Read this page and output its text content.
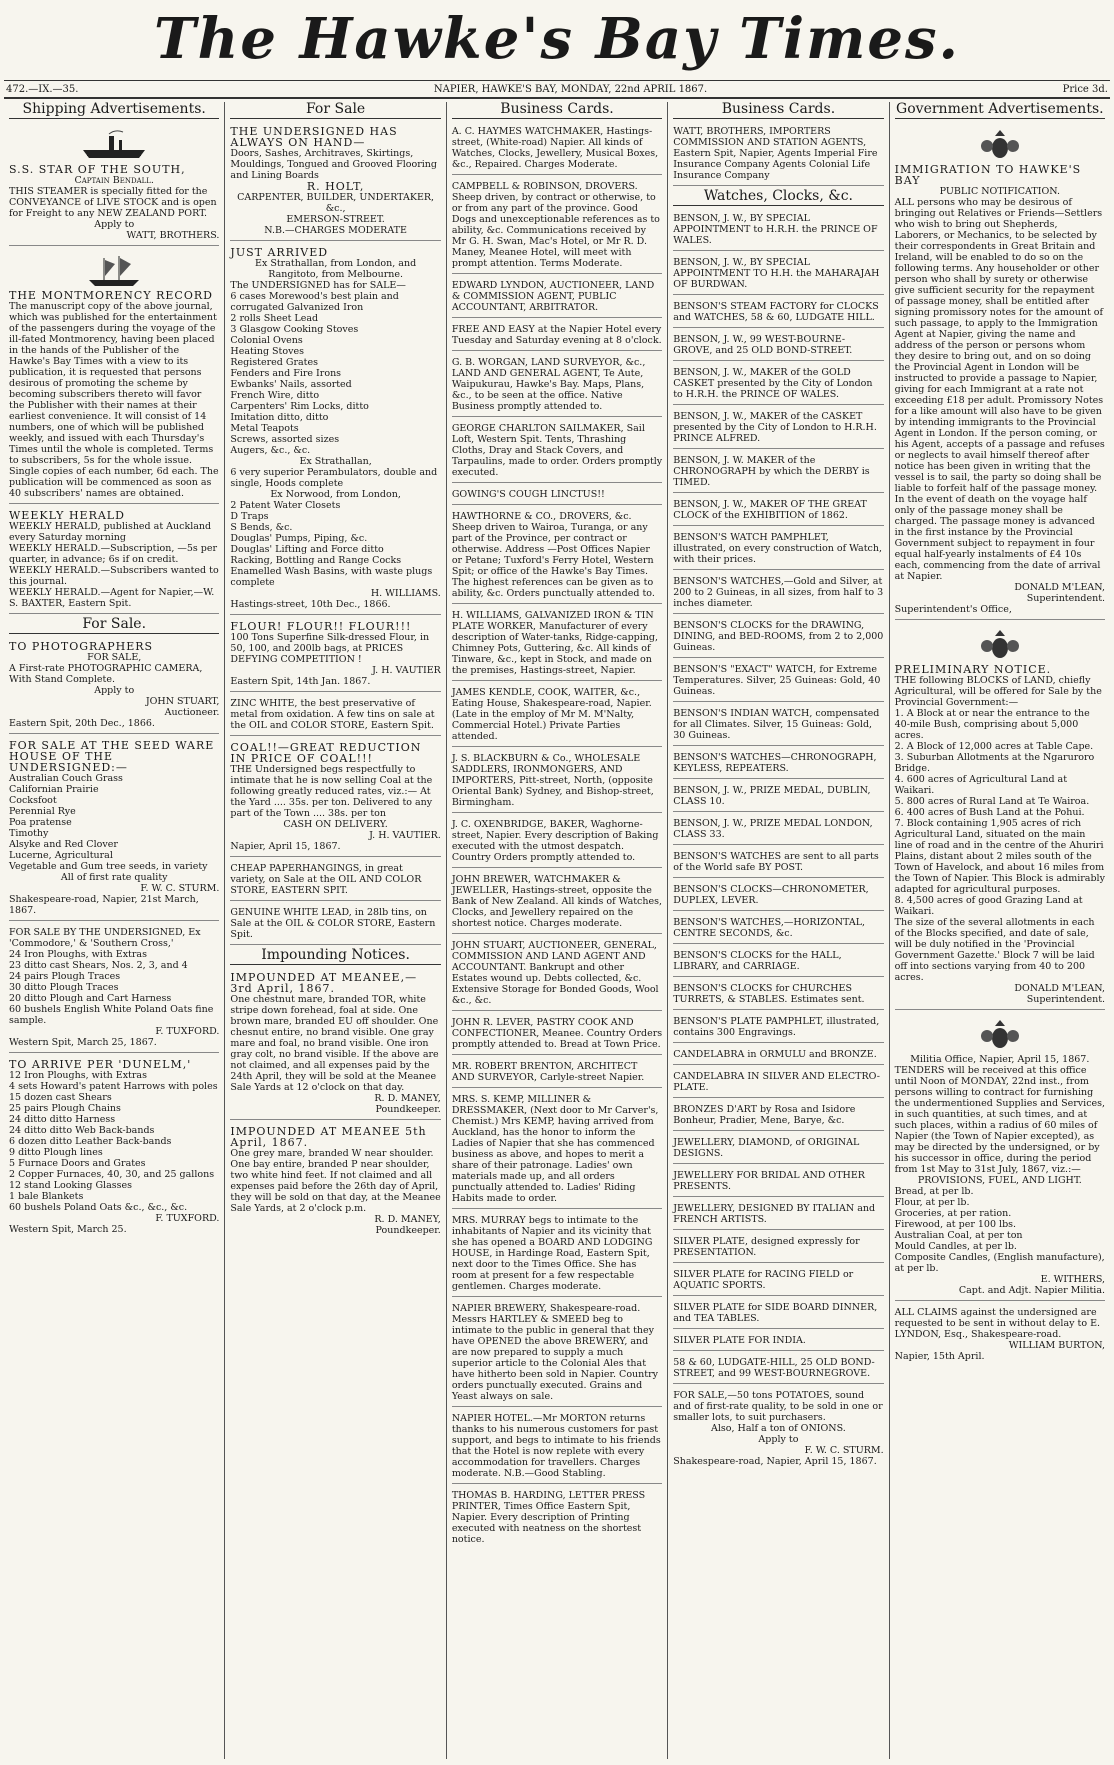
The Hawke's Bay Times.
472.—IX.—35.	NAPIER, HAWKE'S BAY, MONDAY, 22nd APRIL 1867.	Price 3d.
Shipping Advertisements.
S.S. STAR OF THE SOUTH,
Captain Bendall.
THIS STEAMER is specially fitted for the CONVEYANCE of LIVE STOCK and is open for Freight to any NEW ZEALAND PORT.
Apply to
WATT, BROTHERS.
THE MONTMORENCY RECORD
The manuscript copy of the above journal, which was published for the entertainment of the passengers during the voyage of the ill-fated Montmorency, having been placed in the hands of the Publisher of the Hawke's Bay Times with a view to its publication, it is requested that persons desirous of promoting the scheme by becoming subscribers thereto will favor the Publisher with their names at their earliest convenience. It will consist of 14 numbers, one of which will be published weekly, and issued with each Thursday's Times until the whole is completed. Terms to subscribers, 5s for the whole issue. Single copies of each number, 6d each. The publication will be commenced as soon as 40 subscribers' names are obtained.
WEEKLY HERALD
WEEKLY HERALD, published at Auckland every Saturday morning
WEEKLY HERALD.—Subscription, —5s per quarter, in advance; 6s if on credit.
WEEKLY HERALD.—Subscribers wanted to this journal.
WEEKLY HERALD.—Agent for Napier,—W. S. BAXTER, Eastern Spit.
For Sale.
TO PHOTOGRAPHERS
FOR SALE,
A First-rate PHOTOGRAPHIC CAMERA, With Stand Complete.
Apply to
JOHN STUART,
Auctioneer.
Eastern Spit, 20th Dec., 1866.
FOR SALE AT THE SEED WARE HOUSE OF THE UNDERSIGNED:—
Australian Couch Grass
Californian Prairie
Cocksfoot
Perennial Rye
Poa pratense
Timothy
Alsyke and Red Clover
Lucerne, Agricultural
Vegetable and Gum tree seeds, in variety
All of first rate quality
F. W. C. STURM.
Shakespeare-road, Napier, 21st March, 1867.
FOR SALE BY THE UNDERSIGNED, Ex 'Commodore,' & 'Southern Cross,'
24 Iron Ploughs, with Extras
23 ditto cast Shears, Nos. 2, 3, and 4
24 pairs Plough Traces
30 ditto Plough Traces
20 ditto Plough and Cart Harness
60 bushels English White Poland Oats fine sample.
F. TUXFORD.
Western Spit, March 25, 1867.
TO ARRIVE PER 'DUNELM,'
12 Iron Ploughs, with Extras
4 sets Howard's patent Harrows with poles
15 dozen cast Shears
25 pairs Plough Chains
24 ditto ditto Harness
24 ditto ditto Web Back-bands
6 dozen ditto Leather Back-bands
9 ditto Plough lines
5 Furnace Doors and Grates
2 Copper Furnaces, 40, 30, and 25 gallons
12 stand Looking Glasses
1 bale Blankets
60 bushels Poland Oats &c., &c., &c.
F. TUXFORD.
Western Spit, March 25.
For Sale
THE UNDERSIGNED HAS ALWAYS ON HAND—
Doors, Sashes, Architraves, Skirtings, Mouldings, Tongued and Grooved Flooring and Lining Boards
R. HOLT,
CARPENTER, BUILDER, UNDERTAKER, &c.,
EMERSON-STREET.
N.B.—CHARGES MODERATE
JUST ARRIVED
Ex Strathallan, from London, and Rangitoto, from Melbourne.
The UNDERSIGNED has for SALE—
6 cases Morewood's best plain and corrugated Galvanized Iron
2 rolls Sheet Lead
3 Glasgow Cooking Stoves
Colonial Ovens
Heating Stoves
Registered Grates
Fenders and Fire Irons
Ewbanks' Nails, assorted
French Wire, ditto
Carpenters' Rim Locks, ditto
Imitation ditto, ditto
Metal Teapots
Screws, assorted sizes
Augers, &c., &c.
Ex Strathallan,
6 very superior Perambulators, double and single, Hoods complete
Ex Norwood, from London,
2 Patent Water Closets
D Traps
S Bends, &c.
Douglas' Pumps, Piping, &c.
Douglas' Lifting and Force ditto
Racking, Bottling and Range Cocks
Enamelled Wash Basins, with waste plugs complete
H. WILLIAMS.
Hastings-street, 10th Dec., 1866.
FLOUR! FLOUR!! FLOUR!!!
100 Tons Superfine Silk-dressed Flour, in 50, 100, and 200lb bags, at PRICES DEFYING COMPETITION !
J. H. VAUTIER
Eastern Spit, 14th Jan. 1867.
ZINC WHITE, the best preservative of metal from oxidation. A few tins on sale at the OIL and COLOR STORE, Eastern Spit.
COAL!!—GREAT REDUCTION IN PRICE OF COAL!!!
THE Undersigned begs respectfully to intimate that he is now selling Coal at the following greatly reduced rates, viz.:— At the Yard .... 35s. per ton. Delivered to any part of the Town .... 38s. per ton
CASH ON DELIVERY.
J. H. VAUTIER.
Napier, April 15, 1867.
CHEAP PAPERHANGINGS, in great variety, on Sale at the OIL AND COLOR STORE, EASTERN SPIT.
GENUINE WHITE LEAD, in 28lb tins, on Sale at the OIL & COLOR STORE, Eastern Spit.
Impounding Notices.
IMPOUNDED AT MEANEE,— 3rd April, 1867.
One chestnut mare, branded TOR, white stripe down forehead, foal at side. One brown mare, branded EU off shoulder. One chesnut entire, no brand visible. One gray mare and foal, no brand visible. One iron gray colt, no brand visible. If the above are not claimed, and all expenses paid by the 24th April, they will be sold at the Meanee Sale Yards at 12 o'clock on that day.
R. D. MANEY,
Poundkeeper.
IMPOUNDED AT MEANEE 5th April, 1867.
One grey mare, branded W near shoulder. One bay entire, branded P near shoulder, two white hind feet. If not claimed and all expenses paid before the 26th day of April, they will be sold on that day, at the Meanee Sale Yards, at 2 o'clock p.m.
R. D. MANEY,
Poundkeeper.
Business Cards.
A. C. HAYMES WATCHMAKER, Hastings-street, (White-road) Napier. All kinds of Watches, Clocks, Jewellery, Musical Boxes, &c., Repaired. Charges Moderate.
CAMPBELL & ROBINSON, DROVERS. Sheep driven, by contract or otherwise, to or from any part of the province. Good Dogs and unexceptionable references as to ability, &c. Communications received by Mr G. H. Swan, Mac's Hotel, or Mr R. D. Maney, Meanee Hotel, will meet with prompt attention. Terms Moderate.
EDWARD LYNDON, AUCTIONEER, LAND & COMMISSION AGENT, PUBLIC ACCOUNTANT, ARBITRATOR.
FREE AND EASY at the Napier Hotel every Tuesday and Saturday evening at 8 o'clock.
G. B. WORGAN, LAND SURVEYOR, &c., LAND AND GENERAL AGENT, Te Aute, Waipukurau, Hawke's Bay. Maps, Plans, &c., to be seen at the office. Native Business promptly attended to.
GEORGE CHARLTON SAILMAKER, Sail Loft, Western Spit. Tents, Thrashing Cloths, Dray and Stack Covers, and Tarpaulins, made to order. Orders promptly executed.
GOWING'S COUGH LINCTUS!!
HAWTHORNE & CO., DROVERS, &c. Sheep driven to Wairoa, Turanga, or any part of the Province, per contract or otherwise. Address —Post Offices Napier or Petane; Tuxford's Ferry Hotel, Western Spit; or office of the Hawke's Bay Times. The highest references can be given as to ability, &c. Orders punctually attended to.
H. WILLIAMS, GALVANIZED IRON & TIN PLATE WORKER, Manufacturer of every description of Water-tanks, Ridge-capping, Chimney Pots, Guttering, &c. All kinds of Tinware, &c., kept in Stock, and made on the premises, Hastings-street, Napier.
JAMES KENDLE, COOK, WAITER, &c., Eating House, Shakespeare-road, Napier. (Late in the employ of Mr M. M'Nalty, Commercial Hotel.) Private Parties attended.
J. S. BLACKBURN & Co., WHOLESALE SADDLERS, IRONMONGERS, AND IMPORTERS, Pitt-street, North, (opposite Oriental Bank) Sydney, and Bishop-street, Birmingham.
J. C. OXENBRIDGE, BAKER, Waghorne-street, Napier. Every description of Baking executed with the utmost despatch. Country Orders promptly attended to.
JOHN BREWER, WATCHMAKER & JEWELLER, Hastings-street, opposite the Bank of New Zealand. All kinds of Watches, Clocks, and Jewellery repaired on the shortest notice. Charges moderate.
JOHN STUART, AUCTIONEER, GENERAL, COMMISSION AND LAND AGENT AND ACCOUNTANT. Bankrupt and other Estates wound up. Debts collected, &c. Extensive Storage for Bonded Goods, Wool &c., &c.
JOHN R. LEVER, PASTRY COOK AND CONFECTIONER, Meanee. Country Orders promptly attended to. Bread at Town Price.
MR. ROBERT BRENTON, ARCHITECT AND SURVEYOR, Carlyle-street Napier.
MRS. S. KEMP, MILLINER & DRESSMAKER, (Next door to Mr Carver's, Chemist.) Mrs KEMP, having arrived from Auckland, has the honor to inform the Ladies of Napier that she has commenced business as above, and hopes to merit a share of their patronage. Ladies' own materials made up, and all orders punctually attended to. Ladies' Riding Habits made to order.
MRS. MURRAY begs to intimate to the inhabitants of Napier and its vicinity that she has opened a BOARD AND LODGING HOUSE, in Hardinge Road, Eastern Spit, next door to the Times Office. She has room at present for a few respectable gentlemen. Charges moderate.
NAPIER BREWERY, Shakespeare-road. Messrs HARTLEY & SMEED beg to intimate to the public in general that they have OPENED the above BREWERY, and are now prepared to supply a much superior article to the Colonial Ales that have hitherto been sold in Napier. Country orders punctually executed. Grains and Yeast always on sale.
NAPIER HOTEL.—Mr MORTON returns thanks to his numerous customers for past support, and begs to intimate to his friends that the Hotel is now replete with every accommodation for travellers. Charges moderate. N.B.—Good Stabling.
THOMAS B. HARDING, LETTER PRESS PRINTER, Times Office Eastern Spit, Napier. Every description of Printing executed with neatness on the shortest notice.
Business Cards.
WATT, BROTHERS, IMPORTERS COMMISSION AND STATION AGENTS, Eastern Spit, Napier, Agents Imperial Fire Insurance Company Agents Colonial Life Insurance Company
Watches, Clocks, &c.
BENSON, J. W., BY SPECIAL APPOINTMENT to H.R.H. the PRINCE OF WALES.
BENSON, J. W., BY SPECIAL APPOINTMENT TO H.H. the MAHARAJAH OF BURDWAN.
BENSON'S STEAM FACTORY for CLOCKS and WATCHES, 58 & 60, LUDGATE HILL.
BENSON, J. W., 99 WEST-BOURNE-GROVE, and 25 OLD BOND-STREET.
BENSON, J. W., MAKER of the GOLD CASKET presented by the City of London to H.R.H. the PRINCE OF WALES.
BENSON, J. W., MAKER of the CASKET presented by the City of London to H.R.H. PRINCE ALFRED.
BENSON, J. W. MAKER of the CHRONOGRAPH by which the DERBY is TIMED.
BENSON, J. W., MAKER OF THE GREAT CLOCK of the EXHIBITION of 1862.
BENSON'S WATCH PAMPHLET, illustrated, on every construction of Watch, with their prices.
BENSON'S WATCHES,—Gold and Silver, at 200 to 2 Guineas, in all sizes, from half to 3 inches diameter.
BENSON'S CLOCKS for the DRAWING, DINING, and BED-ROOMS, from 2 to 2,000 Guineas.
BENSON'S "EXACT" WATCH, for Extreme Temperatures. Silver, 25 Guineas: Gold, 40 Guineas.
BENSON'S INDIAN WATCH, compensated for all Climates. Silver, 15 Guineas: Gold, 30 Guineas.
BENSON'S WATCHES—CHRONOGRAPH, KEYLESS, REPEATERS.
BENSON, J. W., PRIZE MEDAL, DUBLIN, CLASS 10.
BENSON, J. W., PRIZE MEDAL LONDON, CLASS 33.
BENSON'S WATCHES are sent to all parts of the World safe BY POST.
BENSON'S CLOCKS—CHRONOMETER, DUPLEX, LEVER.
BENSON'S WATCHES,—HORIZONTAL, CENTRE SECONDS, &c.
BENSON'S CLOCKS for the HALL, LIBRARY, and CARRIAGE.
BENSON'S CLOCKS for CHURCHES TURRETS, & STABLES. Estimates sent.
BENSON'S PLATE PAMPHLET, illustrated, contains 300 Engravings.
CANDELABRA in ORMULU and BRONZE.
CANDELABRA IN SILVER AND ELECTRO-PLATE.
BRONZES D'ART by Rosa and Isidore Bonheur, Pradier, Mene, Barye, &c.
JEWELLERY, DIAMOND, of ORIGINAL DESIGNS.
JEWELLERY FOR BRIDAL AND OTHER PRESENTS.
JEWELLERY, DESIGNED BY ITALIAN and FRENCH ARTISTS.
SILVER PLATE, designed expressly for PRESENTATION.
SILVER PLATE for RACING FIELD or AQUATIC SPORTS.
SILVER PLATE for SIDE BOARD DINNER, and TEA TABLES.
SILVER PLATE FOR INDIA.
58 & 60, LUDGATE-HILL, 25 OLD BOND-STREET, and 99 WEST-BOURNEGROVE.
FOR SALE,—50 tons POTATOES, sound and of first-rate quality, to be sold in one or smaller lots, to suit purchasers.
Also, Half a ton of ONIONS.
Apply to
F. W. C. STURM.
Shakespeare-road, Napier, April 15, 1867.
Government Advertisements.
IMMIGRATION TO HAWKE'S BAY
PUBLIC NOTIFICATION.
ALL persons who may be desirous of bringing out Relatives or Friends—Settlers who wish to bring out Shepherds, Laborers, or Mechanics, to be selected by their correspondents in Great Britain and Ireland, will be enabled to do so on the following terms. Any householder or other person who shall by surety or otherwise give sufficient security for the repayment of passage money, shall be entitled after signing promissory notes for the amount of such passage, to apply to the Immigration Agent at Napier, giving the name and address of the person or persons whom they desire to bring out, and on so doing the Provincial Agent in London will be instructed to provide a passage to Napier, giving for each Immigrant at a rate not exceeding £18 per adult. Promissory Notes for a like amount will also have to be given by intending immigrants to the Provincial Agent in London. If the person coming, or his Agent, accepts of a passage and refuses or neglects to avail himself thereof after notice has been given in writing that the vessel is to sail, the party so doing shall be liable to forfeit half of the passage money. In the event of death on the voyage half only of the passage money shall be charged. The passage money is advanced in the first instance by the Provincial Government subject to repayment in four equal half-yearly instalments of £4 10s each, commencing from the date of arrival at Napier.
DONALD M'LEAN,
Superintendent.
Superintendent's Office,
PRELIMINARY NOTICE.
THE following BLOCKS of LAND, chiefly Agricultural, will be offered for Sale by the Provincial Government:—
1. A Block at or near the entrance to the 40-mile Bush, comprising about 5,000 acres.
2. A Block of 12,000 acres at Table Cape.
3. Suburban Allotments at the Ngaruroro Bridge.
4. 600 acres of Agricultural Land at Waikari.
5. 800 acres of Rural Land at Te Wairoa.
6. 400 acres of Bush Land at the Pohui.
7. Block containing 1,905 acres of rich Agricultural Land, situated on the main line of road and in the centre of the Ahuriri Plains, distant about 2 miles south of the Town of Havelock, and about 16 miles from the Town of Napier. This Block is admirably adapted for agricultural purposes.
8. 4,500 acres of good Grazing Land at Waikari.
The size of the several allotments in each of the Blocks specified, and date of sale, will be duly notified in the 'Provincial Government Gazette.' Block 7 will be laid off into sections varying from 40 to 200 acres.
DONALD M'LEAN,
Superintendent.
Militia Office, Napier, April 15, 1867.
TENDERS will be received at this office until Noon of MONDAY, 22nd inst., from persons willing to contract for furnishing the undermentioned Supplies and Services, in such quantities, at such times, and at such places, within a radius of 60 miles of Napier (the Town of Napier excepted), as may be directed by the undersigned, or by his successor in office, during the period from 1st May to 31st July, 1867, viz.:—
PROVISIONS, FUEL, AND LIGHT.
Bread, at per lb.
Flour, at per lb.
Groceries, at per ration.
Firewood, at per 100 lbs.
Australian Coal, at per ton
Mould Candles, at per lb.
Composite Candles, (English manufacture), at per lb.
E. WITHERS,
Capt. and Adjt. Napier Militia.
ALL CLAIMS against the undersigned are requested to be sent in without delay to E. LYNDON, Esq., Shakespeare-road.
WILLIAM BURTON,
Napier, 15th April.
